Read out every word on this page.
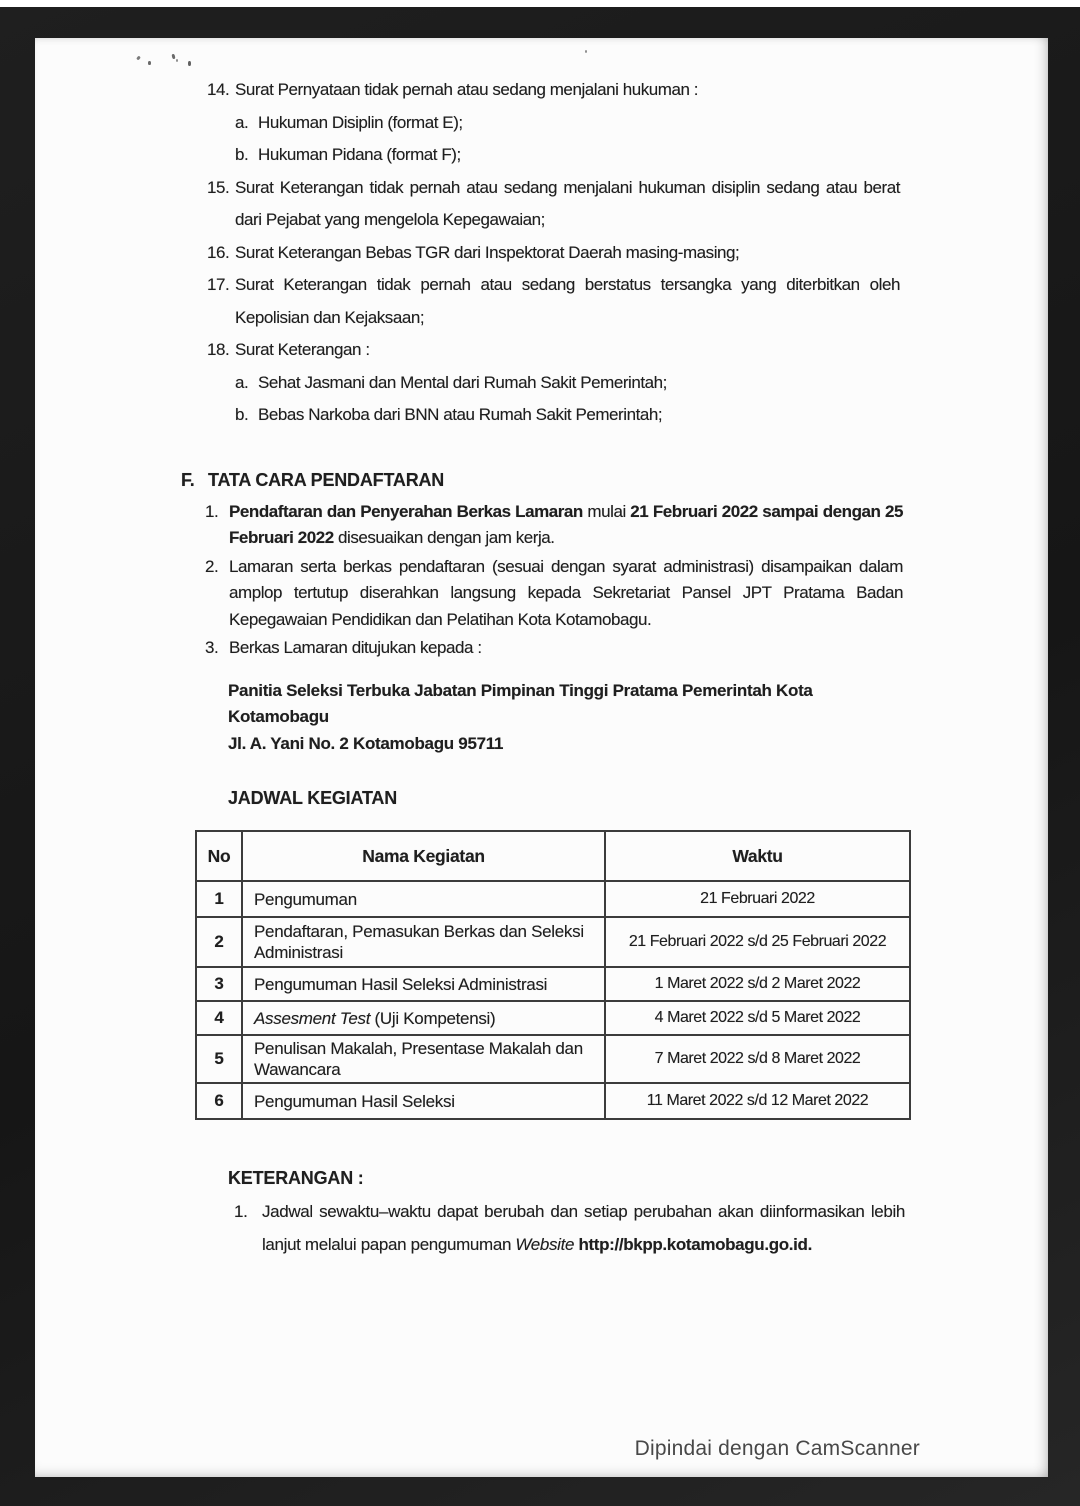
14. Surat Pernyataan tidak pernah atau sedang menjalani hukuman :
a. Hukuman Disiplin (format E);
b. Hukuman Pidana (format F);
15. Surat Keterangan tidak pernah atau sedang menjalani hukuman disiplin sedang atau berat dari Pejabat yang mengelola Kepegawaian;
16. Surat Keterangan Bebas TGR dari Inspektorat Daerah masing-masing;
17. Surat Keterangan tidak pernah atau sedang berstatus tersangka yang diterbitkan oleh Kepolisian dan Kejaksaan;
18. Surat Keterangan :
a. Sehat Jasmani dan Mental dari Rumah Sakit Pemerintah;
b. Bebas Narkoba dari BNN atau Rumah Sakit Pemerintah;
F. TATA CARA PENDAFTARAN
1. Pendaftaran dan Penyerahan Berkas Lamaran mulai 21 Februari 2022 sampai dengan 25 Februari 2022 disesuaikan dengan jam kerja.
2. Lamaran serta berkas pendaftaran (sesuai dengan syarat administrasi) disampaikan dalam amplop tertutup diserahkan langsung kepada Sekretariat Pansel JPT Pratama Badan Kepegawaian Pendidikan dan Pelatihan Kota Kotamobagu.
3. Berkas Lamaran ditujukan kepada :
Panitia Seleksi Terbuka Jabatan Pimpinan Tinggi Pratama Pemerintah Kota
Kotamobagu
Jl. A. Yani No. 2 Kotamobagu 95711
JADWAL KEGIATAN
No	Nama Kegiatan	Waktu
1	Pengumuman	21 Februari 2022
2	Pendaftaran, Pemasukan Berkas dan Seleksi Administrasi	21 Februari 2022 s/d 25 Februari 2022
3	Pengumuman Hasil Seleksi Administrasi	1 Maret 2022 s/d 2 Maret 2022
4	Assesment Test (Uji Kompetensi)	4 Maret 2022 s/d 5 Maret 2022
5	Penulisan Makalah, Presentase Makalah dan Wawancara	7 Maret 2022 s/d 8 Maret 2022
6	Pengumuman Hasil Seleksi	11 Maret 2022 s/d 12 Maret 2022
KETERANGAN :
1. Jadwal sewaktu–waktu dapat berubah dan setiap perubahan akan diinformasikan lebih lanjut melalui papan pengumuman Website http://bkpp.kotamobagu.go.id.
Dipindai dengan CamScanner
